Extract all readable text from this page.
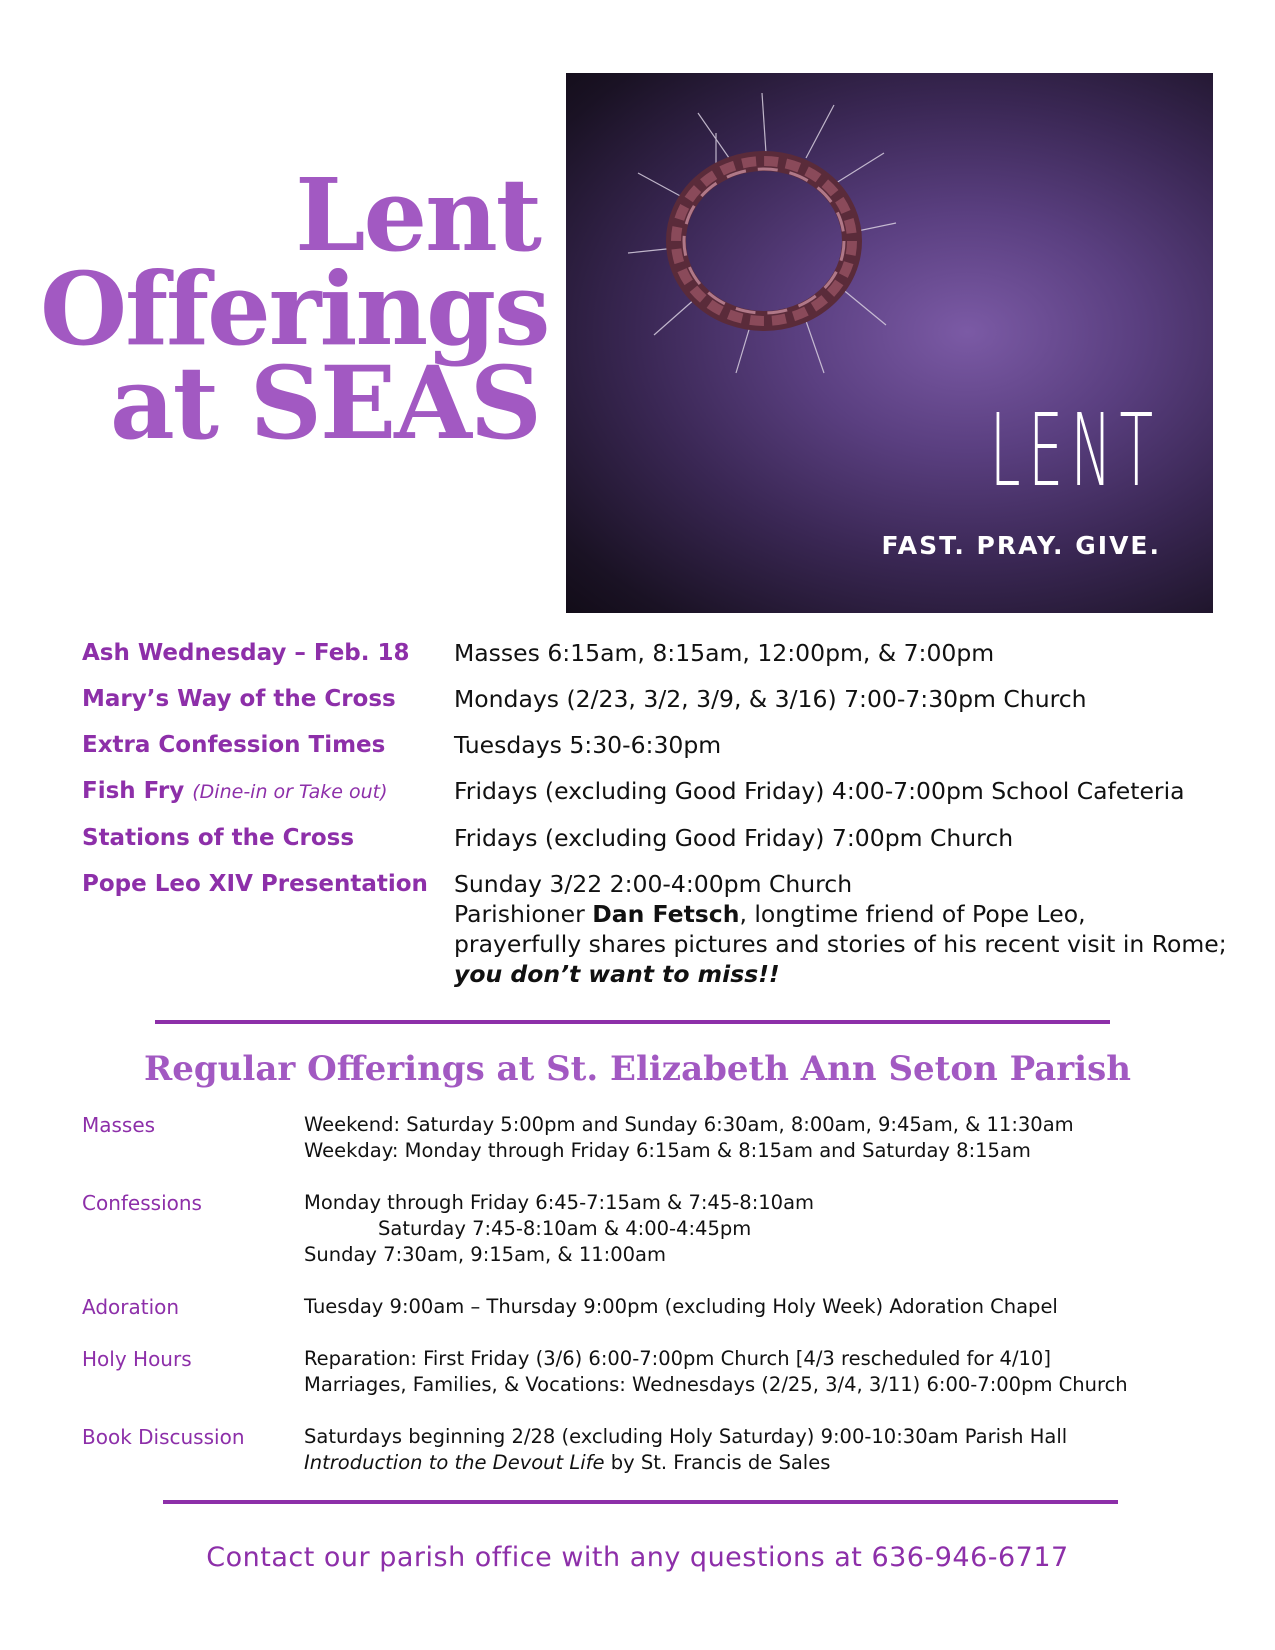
Lent
Offerings
at SEAS	LENT
FAST. PRAY. GIVE.
Ash Wednesday – Feb. 18	Masses 6:15am, 8:15am, 12:00pm, & 7:00pm
Mary’s Way of the Cross	Mondays (2/23, 3/2, 3/9, & 3/16) 7:00-7:30pm Church
Extra Confession Times	Tuesdays 5:30-6:30pm
Fish Fry (Dine-in or Take out)	Fridays (excluding Good Friday) 4:00-7:00pm School Cafeteria
Stations of the Cross	Fridays (excluding Good Friday) 7:00pm Church
Pope Leo XIV Presentation	Sunday 3/22 2:00-4:00pm Church
Parishioner Dan Fetsch, longtime friend of Pope Leo,
prayerfully shares pictures and stories of his recent visit in Rome;
you don’t want to miss!!
Regular Offerings at St. Elizabeth Ann Seton Parish
Masses	Weekend: Saturday 5:00pm and Sunday 6:30am, 8:00am, 9:45am, & 11:30am
Weekday: Monday through Friday 6:15am & 8:15am and Saturday 8:15am
Confessions	Monday through Friday 6:45-7:15am & 7:45-8:10am
Saturday 7:45-8:10am & 4:00-4:45pm
Sunday 7:30am, 9:15am, & 11:00am
Adoration	Tuesday 9:00am – Thursday 9:00pm (excluding Holy Week) Adoration Chapel
Holy Hours	Reparation: First Friday (3/6) 6:00-7:00pm Church [4/3 rescheduled for 4/10]
Marriages, Families, & Vocations: Wednesdays (2/25, 3/4, 3/11) 6:00-7:00pm Church
Book Discussion	Saturdays beginning 2/28 (excluding Holy Saturday) 9:00-10:30am Parish Hall
Introduction to the Devout Life by St. Francis de Sales
Contact our parish office with any questions at 636-946-6717
